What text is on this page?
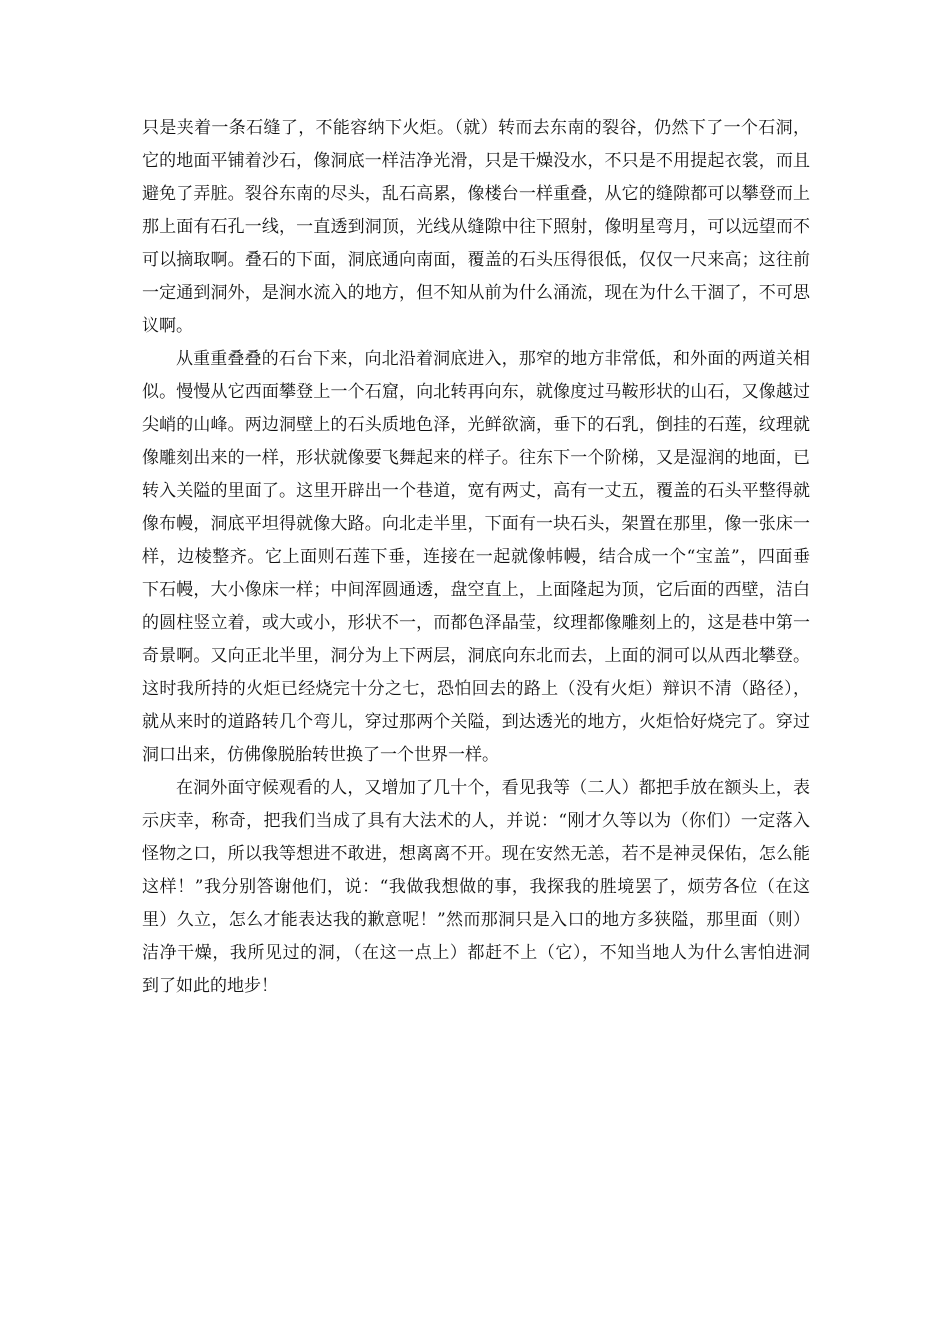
只是夹着一条石缝了，不能容纳下火炬。（就）转而去东南的裂谷，仍然下了一个石洞，
它的地面平铺着沙石，像洞底一样洁净光滑，只是干燥没水，不只是不用提起衣裳，而且
避免了弄脏。裂谷东南的尽头，乱石高累，像楼台一样重叠，从它的缝隙都可以攀登而上
那上面有石孔一线，一直透到洞顶，光线从缝隙中往下照射，像明星弯月，可以远望而不
可以摘取啊。叠石的下面，洞底通向南面，覆盖的石头压得很低，仅仅一尺来高；这往前
一定通到洞外，是涧水流入的地方，但不知从前为什么涌流，现在为什么干涸了，不可思
议啊。
从重重叠叠的石台下来，向北沿着洞底进入，那窄的地方非常低，和外面的两道关相
似。慢慢从它西面攀登上一个石窟，向北转再向东，就像度过马鞍形状的山石，又像越过
尖峭的山峰。两边洞壁上的石头质地色泽，光鲜欲滴，垂下的石乳，倒挂的石莲，纹理就
像雕刻出来的一样，形状就像要飞舞起来的样子。往东下一个阶梯，又是湿润的地面，已
转入关隘的里面了。这里开辟出一个巷道，宽有两丈，高有一丈五，覆盖的石头平整得就
像布幔，洞底平坦得就像大路。向北走半里，下面有一块石头，架置在那里，像一张床一
样，边棱整齐。它上面则石莲下垂，连接在一起就像帏幔，结合成一个“宝盖”，四面垂
下石幔，大小像床一样；中间浑圆通透，盘空直上，上面隆起为顶，它后面的西壁，洁白
的圆柱竖立着，或大或小，形状不一，而都色泽晶莹，纹理都像雕刻上的，这是巷中第一
奇景啊。又向正北半里，洞分为上下两层，洞底向东北而去，上面的洞可以从西北攀登。
这时我所持的火炬已经烧完十分之七，恐怕回去的路上（没有火炬）辩识不清（路径），
就从来时的道路转几个弯儿，穿过那两个关隘，到达透光的地方，火炬恰好烧完了。穿过
洞口出来，仿佛像脱胎转世换了一个世界一样。
在洞外面守候观看的人，又增加了几十个，看见我等（二人）都把手放在额头上，表
示庆幸，称奇，把我们当成了具有大法术的人，并说：“刚才久等以为（你们）一定落入
怪物之口，所以我等想进不敢进，想离离不开。现在安然无恙，若不是神灵保佑，怎么能
这样！”我分别答谢他们，说：“我做我想做的事，我探我的胜境罢了，烦劳各位（在这
里）久立，怎么才能表达我的歉意呢！”然而那洞只是入口的地方多狭隘，那里面（则）
洁净干燥，我所见过的洞，（在这一点上）都赶不上（它），不知当地人为什么害怕进洞
到了如此的地步！
